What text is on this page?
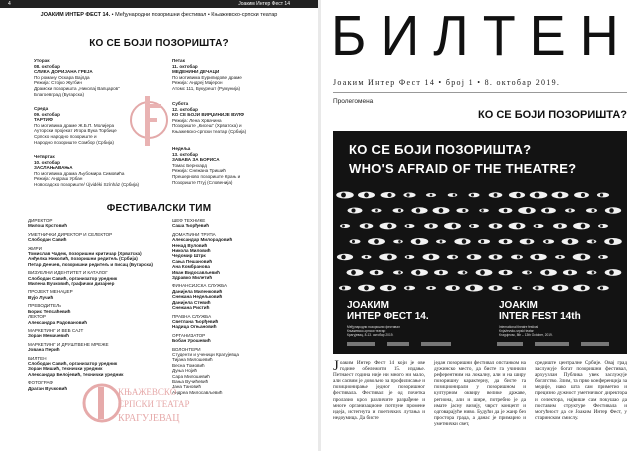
4	Јоаким Интер Фест 14
ЈОАКИМ ИНТЕР ФЕСТ 14. • Међународни позоришни фестивал • Књажевско-српски театар
КО СЕ БОЈИ ПОЗОРИШТА?
Уторак
08. октобар
СЛИКА ДОРИЈАНА ГРЕЈА
По роману Оскара Вајлда
Режија: Стојко Жугбин
Драмски позоришта „Николај Вапцаров“
Благоевград (Бугарска)
Среда
09. октобар
ТАРТИФ
По мотивима драме Ж.Б.П. Молијера
Ауторски пројекат Игора Вука Торбице
Српско народно позориште и
Народно позориште Сомбор (Србија)
Четвртак
10. октобар
ЗАСЛАЊАВАЊА
По мотивима драма Љубомира Симовића
Режија: Андраш Урбан
Новосадско позориште/ Újvidéki Színház (Србија)
Петак
11. октобар
МЕДЕНИНИ ДЕЧАЦИ
По мотивима Еурипидове драме
Режија: Андреј Мајерон
Атомс 111, Букурешт (Румунија)
Субота
12. октобар
КО СЕ БОЈИ ВИРЏИНИЈЕ ВУЛФ
Режија: Лена Хрвачина
Позориште „Кисеш“ (Хрватска) и
Књажевско-српски театар (Србија)
Недеља
13. октобар
ЗАБАВА ЗА БОРИСА
Томас Бернхард
Режија: Снежана Тришић
Прешерново позориште Крањ и
Позориште Птуј (Словенија)
ФЕСТИВАЛСКИ ТИМ
ДИРЕКТОР
Милош Крстовић
УМЕТНИЧКИ ДИРЕКТОР И СЕЛЕКТОР
Слободан Савић
ЖИРИ
Томислав Чадеж, позоришни критичар (Хрватска)
Анђелка Николић, позоришни редитељ (Србија)
Петар Денчев, позоришни редитељ и писац (Бугарска)
ВИЗУЕЛНИ ИДЕНТИТЕТ И КАТАЛОГ
Слободан Савић, организатор уредник
Милена Вучковић, графички дизајнер
ПРОЈЕКТ МЕНАЏЕР
Вујо Лучић
ПРЕВОДИТЕЉ
Борис Тепсаћевић
ЛЕКТОР
Александра Радовановић
МАРКЕТИНГ И ВЕБ САЈТ
Зоран Мемачевић
МАРКЕТИНГ И ДРУШТВЕНЕ МРЕЖЕ
Јована Перић
БИЛТЕН
Слободан Савић, организатор уредник
Зоран Мишић, технички уредник
Александар Белојевић, технички уредник
ФОТОГРАФ
Драган Вучковић
ШЕФ ТЕХНИКЕ
Саша Ђорђевић
ДОМАЋИНИ ТРУПА
Александар Милорадовић
Ненад Вуловић
Никола Миловић
Чедомир Штрк
Сања Пешановић
Ана Комбранова
Иван Видосављевић
Здравко Милетић
ФИНАНСИЈСКА СЛУЖБА
Данијела Миленковић
Снежана Недељковић
Данијела Стевић
Снежана Ристић
ПРАВНА СЛУЖБА
Светлана Ђорђевић
Надица Огњановић
ОРГАНИЗАТОР
Бобан Урошевић
ВОЛОНТЕРИ
Студенти и ученици Крагујевца
Тијана Милошевић
Весна Томовић
Дуња Нојић
Сара Милошевић
Вања Вучићевић
Јана Тановић
Андреа Милосављевић
КЊАЖЕВСКО
СРПСКИ ТЕАТАР
КРАГУЈЕВАЦ
БИЛТЕН
Јоаким Интер Фест 14 • број 1 • 8. октобар 2019.
Пролегомена
КО СЕ БОЈИ ПОЗОРИШТА?
КО СЕ БОЈИ ПОЗОРИШТА?
WHO'S AFRAID OF THE THEATRE?
ЈОАКИМ
ИНТЕР ФЕСТ 14.
Међународни позоришни фестивал
Књажевско-српски театар
Крагујевац, 8-13. октобар 2019.
JOAKIM
INTER FEST 14th
International theatre festival
Knjaževsko-srpski teatar
Kragujevac, 8th – 13th October, 2019.
Јоаким Интер Фест 14 који је ове године обележити 15. издање. Петнаест година није ни много ни мало, али сасвим је довољно за профилисање и позиционирање једног позоришног фестивала. Фестивал је од почетка пролазио кроз различите разрађене и многе организационе потпуне промене идеја, истегнута и поетичких лутања и недоумица. Да бисте
један позоришни фестивал опстанком на дужинско место, да бисте га учинили референтним на локалну, али и на ширу позоришну карактерну, да бисте га позиционирали у позоришном и културном оквиру велике државе, региона, али и шире, потребно је да имате јасну визију, чврст концепт и одговарајуће ниво. Будући да је жанр без простора града, а данас је примарно и уметнички свет,
средиште централне Србије. Овај град заслужује богат позоришни фестивал, архуузлан Публика увек заслужује богатство. Злим, та прво конференција за медије, иако шта сам приметио и прецизно дужност уметничког директора и селектора, највише сам покушао да поставим структуре Фестивала и могућност да се Јоаким Интер Фест, у старинском смислу.
